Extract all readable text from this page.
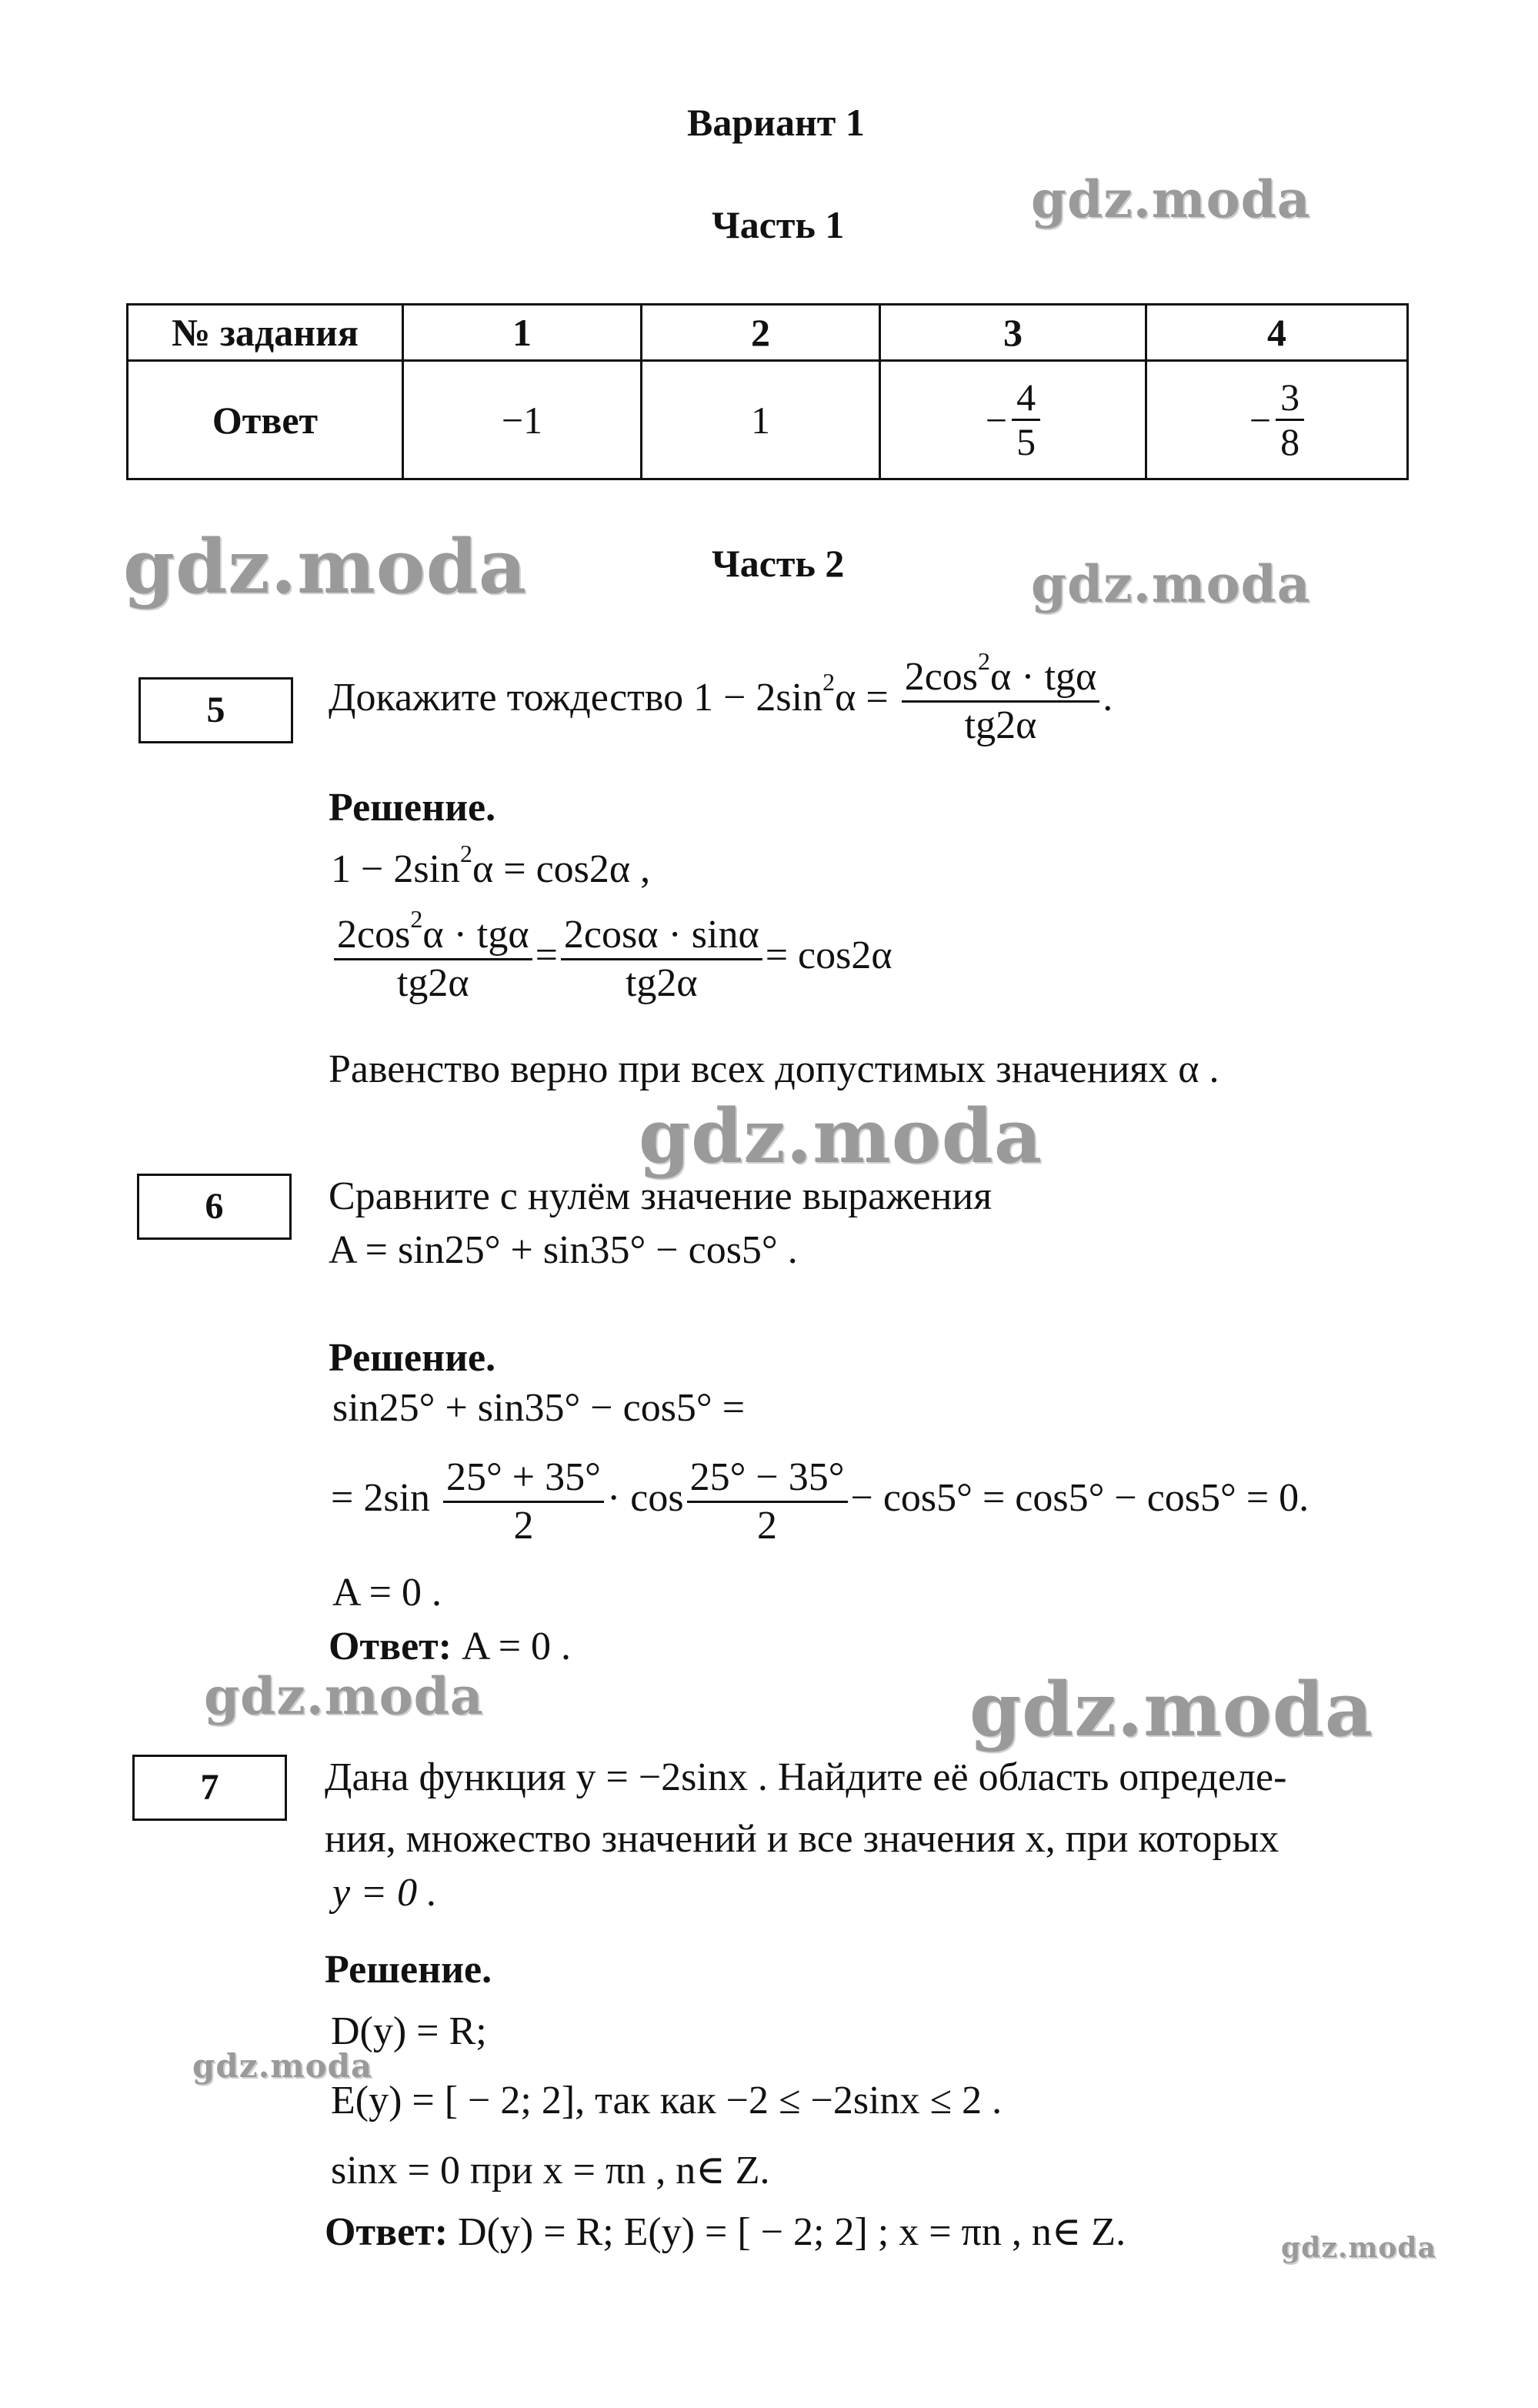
Вариант 1
Часть 1	gdz.moda
gdz.moda	gdz.moda
gdz.moda
gdz.moda	gdz.moda
gdz.moda
gdz.moda
№ задания	1	2	3	4
Ответ	−1	1	− $\frac{4}{5}$	− $\frac{3}{8}$
Часть 2
5	Докажите тождество $1 - 2\sin^2\alpha = \frac{2\cos^2\alpha \cdot tg\alpha}{tg2\alpha}$ .
Решение.
$1 - 2\sin^2\alpha = \cos 2\alpha$ ,
$\frac{2\cos^2\alpha \cdot tg\alpha}{tg2\alpha} = \frac{2\cos\alpha \cdot \sin\alpha}{tg2\alpha} = \cos 2\alpha$
Равенство верно при всех допустимых значениях α .
6	Сравните с нулём значение выражения
A = sin25° + sin35° − cos5° .
Решение.
sin25° + sin35° − cos5° =
= $2\sin \frac{25^\circ + 35^\circ}{2} \cdot \cos \frac{25^\circ - 35^\circ}{2} - \cos 5^\circ = \cos 5^\circ - \cos 5^\circ = 0$.
A = 0 .
Ответ: A = 0 .
7	Дана функция y = −2sinx . Найдите её область определе-
ния, множество значений и все значения x, при которых
y = 0 .
Решение.
D(y) = R;
E(y) = [ − 2; 2], так как −2 ≤ −2sinx ≤ 2 .
sinx = 0 при x = πn , n∈ Z.
Ответ: D(y) = R; E(y) = [ − 2; 2] ; x = πn , n∈ Z.
